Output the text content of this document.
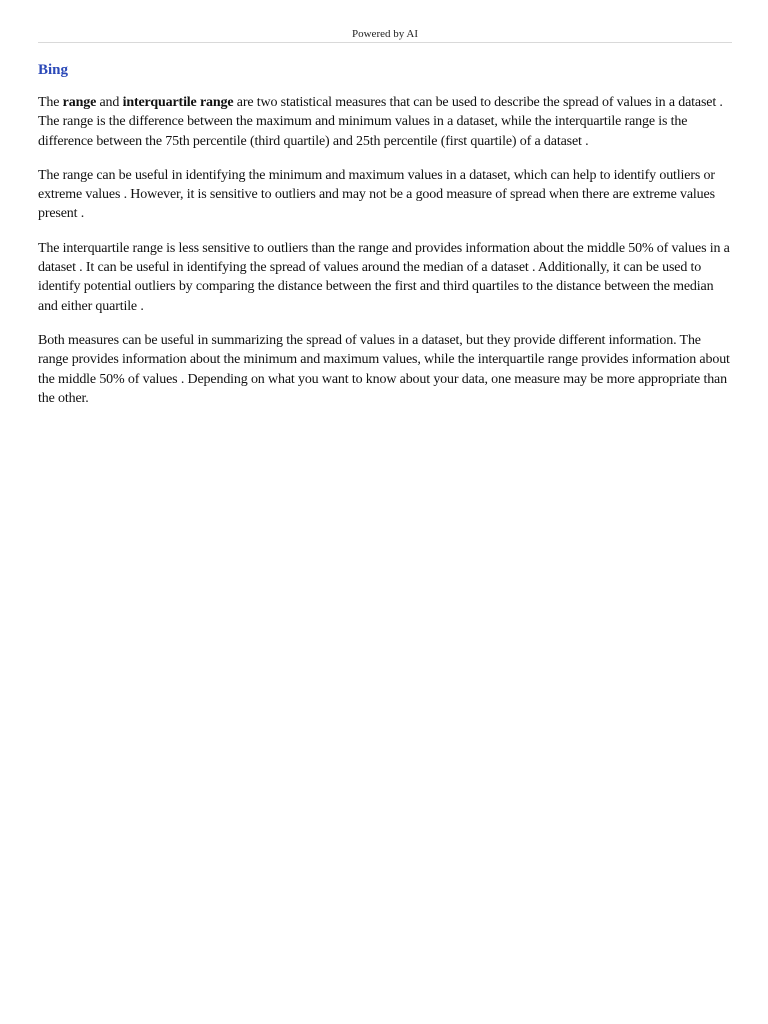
Powered by AI
Bing

The range and interquartile range are two statistical measures that can be used to describe the spread of values in a dataset . The range is the difference between the maximum and minimum values in a dataset, while the interquartile range is the difference between the 75th percentile (third quartile) and 25th percentile (first quartile) of a dataset .

The range can be useful in identifying the minimum and maximum values in a dataset, which can help to identify outliers or extreme values . However, it is sensitive to outliers and may not be a good measure of spread when there are extreme values present .

The interquartile range is less sensitive to outliers than the range and provides information about the middle 50% of values in a dataset . It can be useful in identifying the spread of values around the median of a dataset . Additionally, it can be used to identify potential outliers by comparing the distance between the first and third quartiles to the distance between the median and either quartile .

Both measures can be useful in summarizing the spread of values in a dataset, but they provide different information. The range provides information about the minimum and maximum values, while the interquartile range provides information about the middle 50% of values . Depending on what you want to know about your data, one measure may be more appropriate than the other.
